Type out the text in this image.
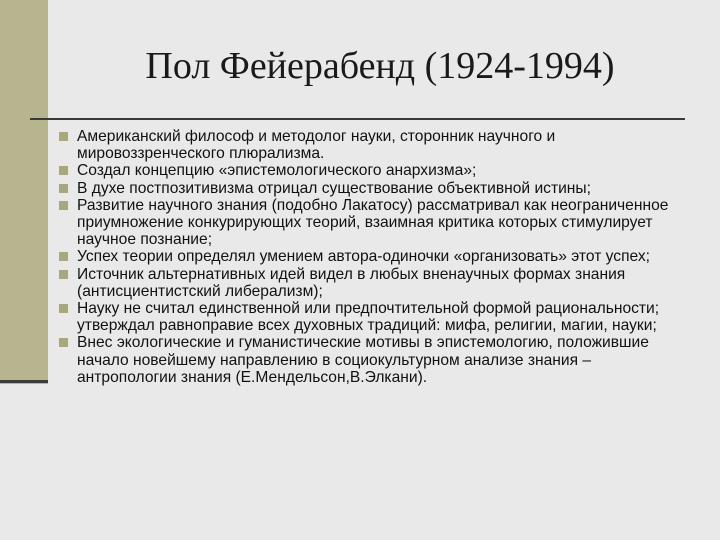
Пол Фейерабенд (1924-1994)
Американский философ и методолог науки, сторонник научного и мировоззренческого плюрализма.
Создал концепцию «эпистемологического анархизма»;
В духе постпозитивизма отрицал существование объективной истины;
Развитие научного знания (подобно Лакатосу) рассматривал как неограниченное приумножение конкурирующих теорий, взаимная критика которых стимулирует научное познание;
Успех теории определял умением автора-одиночки «организовать» этот успех;
Источник альтернативных идей видел в любых вненаучных формах знания (антисциентистский либерализм);
Науку не считал единственной или предпочтительной формой рациональности; утверждал равноправие всех духовных традиций: мифа, религии, магии, науки;
Внес экологические и гуманистические мотивы в эпистемологию, положившие начало новейшему направлению в социокультурном анализе знания – антропологии знания (Е.Мендельсон,В.Элкани).
